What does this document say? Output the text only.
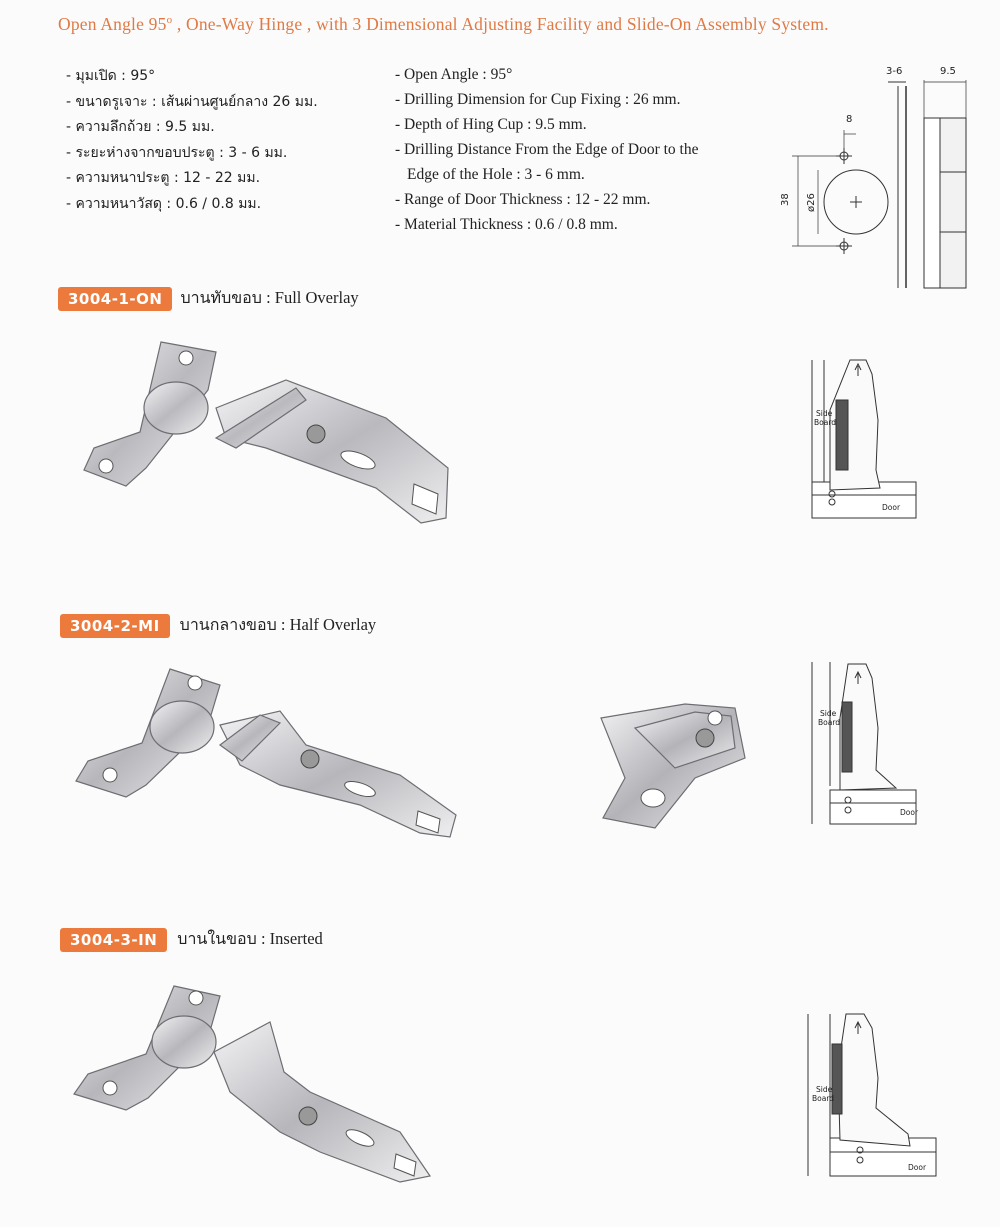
Open Angle 95$^o$ , One-Way Hinge , with 3 Dimensional Adjusting Facility and Slide-On Assembly System.
- มุมเปิด : 95°
- ขนาดรูเจาะ : เส้นผ่านศูนย์กลาง 26 มม.
- ความลึกถ้วย : 9.5 มม.
- ระยะห่างจากขอบประตู : 3 - 6 มม.
- ความหนาประตู : 12 - 22 มม.
- ความหนาวัสดุ : 0.6 / 0.8 มม.
- Open Angle : 95°
- Drilling Dimension for Cup Fixing : 26 mm.
- Depth of Hing Cup : 9.5 mm.
- Drilling Distance From the Edge of Door to the
Edge of the Hole : 3 - 6 mm.
- Range of Door Thickness : 12 - 22 mm.
- Material Thickness : 0.6 / 0.8 mm.
3-6	9.5
8
38 ø26
3004-1-ON	บานทับขอบ : Full Overlay
Side
Board
Door
3004-2-MI	บานกลางขอบ : Half Overlay
Side
Board
Door
3004-3-IN	บานในขอบ : Inserted
Side
Board
Door
